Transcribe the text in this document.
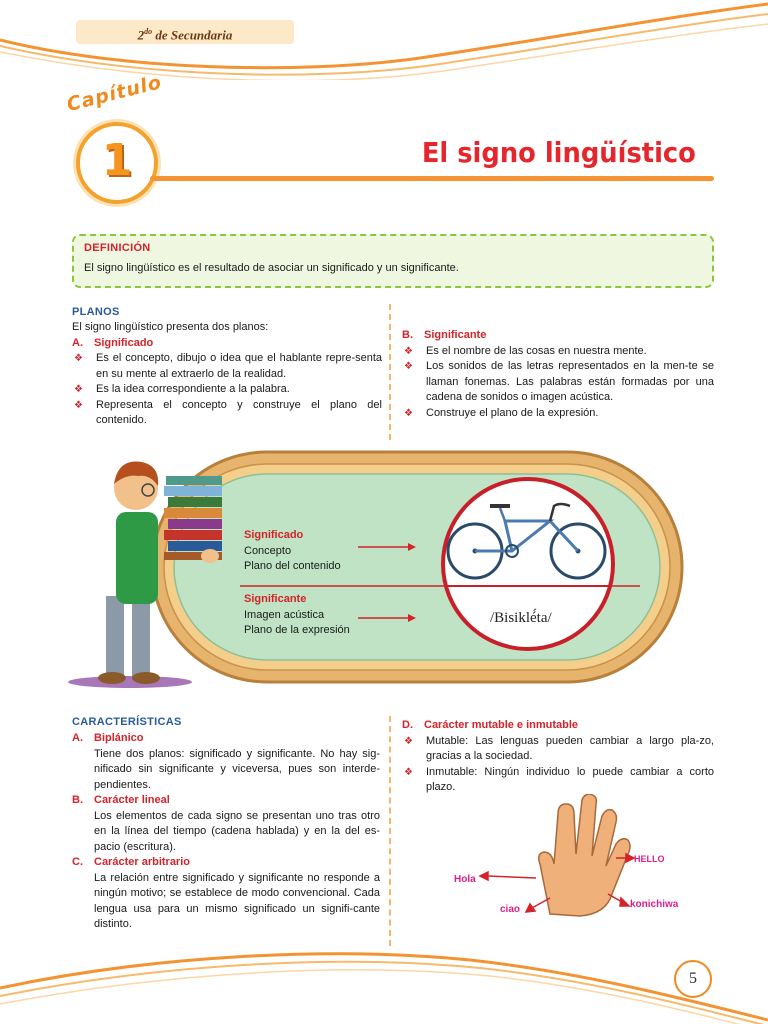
$2^{do}$ de Secundaria
Capítulo
1	El signo lingüístico
DEFINICIÓN
El signo lingüístico es el resultado de asociar un significado y un significante.
PLANOS
El signo lingüístico presenta dos planos:
A. Significado
❖ Es el concepto, dibujo o idea que el hablante repre-senta en su mente al extraerlo de la realidad.
❖ Es la idea correspondiente a la palabra.
❖ Representa el concepto y construye el plano del contenido.
B. Significante
❖ Es el nombre de las cosas en nuestra mente.
❖ Los sonidos de las letras representados en la men-te se llaman fonemas. Las palabras están formadas por una cadena de sonidos o imagen acústica.
❖ Construye el plano de la expresión.
Significado
Concepto
Plano del contenido
Significante
Imagen acústica
Plano de la expresión
/Bisiklé́ta/
CARACTERÍSTICAS
A. Biplánico
Tiene dos planos: significado y significante. No hay sig-nificado sin significante y viceversa, pues son interde-pendientes.
B. Carácter lineal
Los elementos de cada signo se presentan uno tras otro en la línea del tiempo (cadena hablada) y en la del es-pacio (escritura).
C. Carácter arbitrario
La relación entre significado y significante no responde a ningún motivo; se establece de modo convencional. Cada lengua usa para un mismo significado un signifi-cante distinto.
D. Carácter mutable e inmutable
❖ Mutable: Las lenguas pueden cambiar a largo pla-zo, gracias a la sociedad.
❖ Inmutable: Ningún individuo lo puede cambiar a corto plazo.
Hola
HELLO
ciao	konichiwa
5
